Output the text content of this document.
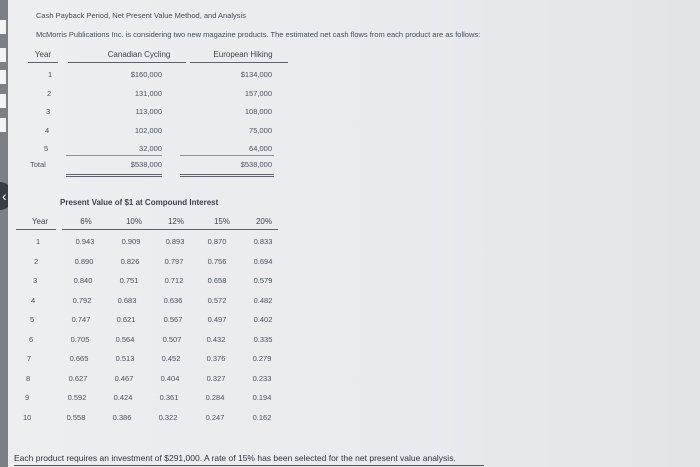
‹
Cash Payback Period, Net Present Value Method, and Analysis
McMorris Publications Inc. is considering two new magazine products. The estimated net cash flows from each product are as follows:
Year	Canadian Cycling	European Hiking
1	$160,000	$134,000
2	131,000	157,000
3	113,000	108,000
4	102,000	75,000
5	32,000	64,000
Total	$538,000	$538,000
Present Value of $1 at Compound Interest
Year	6%	10%	12%	15%	20%
1	0.943	0.909	0.893	0.870	0.833
2	0.890	0.826	0.797	0.756	0.694
3	0.840	0.751	0.712	0.658	0.579
4	0.792	0.683	0.636	0.572	0.482
5	0.747	0.621	0.567	0.497	0.402
6	0.705	0.564	0.507	0.432	0.335
7	0.665	0.513	0.452	0.376	0.279
8	0.627	0.467	0.404	0.327	0.233
9	0.592	0.424	0.361	0.284	0.194
10	0.558	0.386	0.322	0.247	0.162
Each product requires an investment of $291,000. A rate of 15% has been selected for the net present value analysis.
